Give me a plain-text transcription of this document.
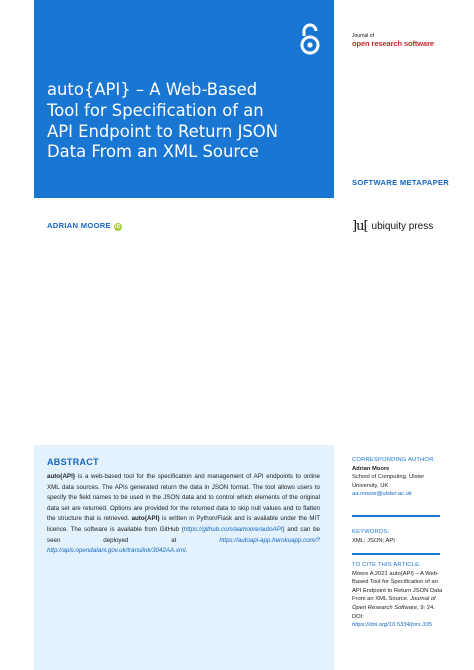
auto{API} – A Web-Based Tool for Specification of an API Endpoint to Return JSON Data From an XML Source
Journal of
open research software
SOFTWARE METAPAPER
ADRIAN MOORE iD	]u[ ubiquity press
ABSTRACT

auto{API} is a web-based tool for the specification and management of API endpoints to online XML data sources. The APIs generated return the data in JSON format. The tool allows users to specify the field names to be used in the JSON data and to control which elements of the original data set are returned. Options are provided for the returned data to skip null values and to flatten the structure that is retrieved. auto{API} is written in Python/Flask and is available under the MIT licence. The software is available from GitHub (https://github.com/aamoore/autoAPI) and can be seen deployed at https://autoapi-app.herokuapp.com/?http://apis.opendatani.gov.uk/translink/3042AA.xml.

CORRESPONDING AUTHOR:
Adrian Moore
School of Computing, Ulster University, UK
aa.moore@ulster.ac.uk
KEYWORDS:
XML; JSON; API
TO CITE THIS ARTICLE:
Moore A 2021 auto{API} – A Web-Based Tool for Specification of an API Endpoint to Return JSON Data From an XML Source. Journal of Open Research Software, 9: 24. DOI: https://doi.org/10.5334/jors.335
